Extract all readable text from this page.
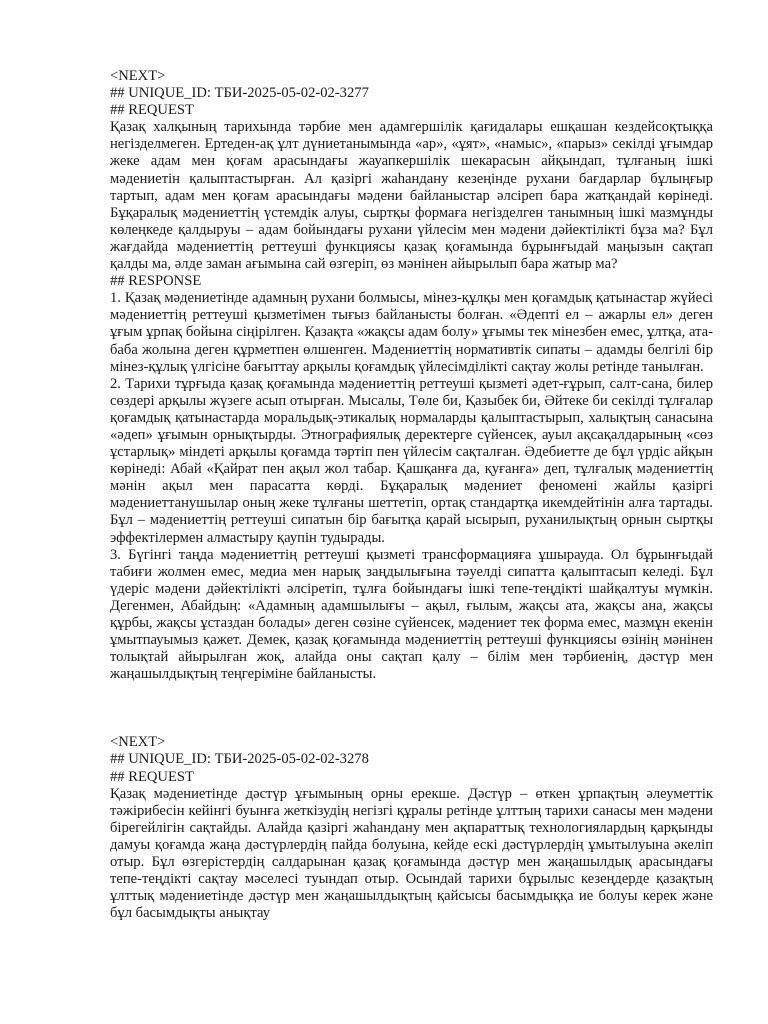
<NEXT>

## UNIQUE_ID: ТБИ-2025-05-02-02-3277

## REQUEST

Қазақ халқының тарихында тәрбие мен адамгершілік қағидалары ешқашан кездейсоқтыққа негізделмеген. Ертеден-ақ ұлт дүниетанымында «ар», «ұят», «намыс», «парыз» секілді ұғымдар жеке адам мен қоғам арасындағы жауапкершілік шекарасын айқындап, тұлғаның ішкі мәдениетін қалыптастырған. Ал қазіргі жаһандану кезеңінде рухани бағдарлар бұлыңғыр тартып, адам мен қоғам арасындағы мәдени байланыстар әлсіреп бара жатқандай көрінеді. Бұқаралық мәдениеттің үстемдік алуы, сыртқы формаға негізделген танымның ішкі мазмұнды көлеңкеде қалдыруы – адам бойындағы рухани үйлесім мен мәдени дәйектілікті бұза ма? Бұл жағдайда мәдениеттің реттеуші функциясы қазақ қоғамында бұрынғыдай маңызын сақтап қалды ма, әлде заман ағымына сай өзгеріп, өз мәнінен айырылып бара жатыр ма?

## RESPONSE

1. Қазақ мәдениетінде адамның рухани болмысы, мінез-құлқы мен қоғамдық қатынастар жүйесі мәдениеттің реттеуші қызметімен тығыз байланысты болған. «Әдепті ел – ажарлы ел» деген ұғым ұрпақ бойына сіңірілген. Қазақта «жақсы адам болу» ұғымы тек мінезбен емес, ұлтқа, ата-баба жолына деген құрметпен өлшенген. Мәдениеттің нормативтік сипаты – адамды белгілі бір мінез-құлық үлгісіне бағыттау арқылы қоғамдық үйлесімділікті сақтау жолы ретінде танылған.

2. Тарихи тұрғыда қазақ қоғамында мәдениеттің реттеуші қызметі әдет-ғұрып, салт-сана, билер сөздері арқылы жүзеге асып отырған. Мысалы, Төле би, Қазыбек би, Әйтеке би секілді тұлғалар қоғамдық қатынастарда моральдық-этикалық нормаларды қалыптастырып, халықтың санасына «әдеп» ұғымын орнықтырды. Этнографиялық деректерге сүйенсек, ауыл ақсақалдарының «сөз ұстарлық» міндеті арқылы қоғамда тәртіп пен үйлесім сақталған. Әдебиетте де бұл үрдіс айқын көрінеді: Абай «Қайрат пен ақыл жол табар. Қашқанға да, қуғанға» деп, тұлғалық мәдениеттің мәнін ақыл мен парасатта көрді. Бұқаралық мәдениет феномені жайлы қазіргі мәдениеттанушылар оның жеке тұлғаны шеттетіп, ортақ стандартқа икемдейтінін алға тартады. Бұл – мәдениеттің реттеуші сипатын бір бағытқа қарай ысырып, руханилықтың орнын сыртқы эффектілермен алмастыру қаупін тудырады.

3. Бүгінгі таңда мәдениеттің реттеуші қызметі трансформацияға ұшырауда. Ол бұрынғыдай табиғи жолмен емес, медиа мен нарық заңдылығына тәуелді сипатта қалыптасып келеді. Бұл үдеріс мәдени дәйектілікті әлсіретіп, тұлға бойындағы ішкі тепе-теңдікті шайқалтуы мүмкін. Дегенмен, Абайдың: «Адамның адамшылығы – ақыл, ғылым, жақсы ата, жақсы ана, жақсы құрбы, жақсы ұстаздан болады» деген сөзіне сүйенсек, мәдениет тек форма емес, мазмұн екенін ұмытпауымыз қажет. Демек, қазақ қоғамында мәдениеттің реттеуші функциясы өзінің мәнінен толықтай айырылған жоқ, алайда оны сақтап қалу – білім мен тәрбиенің, дәстүр мен жаңашылдықтың теңгеріміне байланысты.

<NEXT>

## UNIQUE_ID: ТБИ-2025-05-02-02-3278

## REQUEST

Қазақ мәдениетінде дәстүр ұғымының орны ерекше. Дәстүр – өткен ұрпақтың әлеуметтік тәжірибесін кейінгі буынға жеткізудің негізгі құралы ретінде ұлттың тарихи санасы мен мәдени бірегейлігін сақтайды. Алайда қазіргі жаһандану мен ақпараттық технологиялардың қарқынды дамуы қоғамда жаңа дәстүрлердің пайда болуына, кейде ескі дәстүрлердің ұмытылуына әкеліп отыр. Бұл өзгерістердің салдарынан қазақ қоғамында дәстүр мен жаңашылдық арасындағы тепе-теңдікті сақтау мәселесі туындап отыр. Осындай тарихи бұрылыс кезеңдерде қазақтың ұлттық мәдениетінде дәстүр мен жаңашылдықтың қайсысы басымдыққа ие болуы керек және бұл басымдықты анықтау
